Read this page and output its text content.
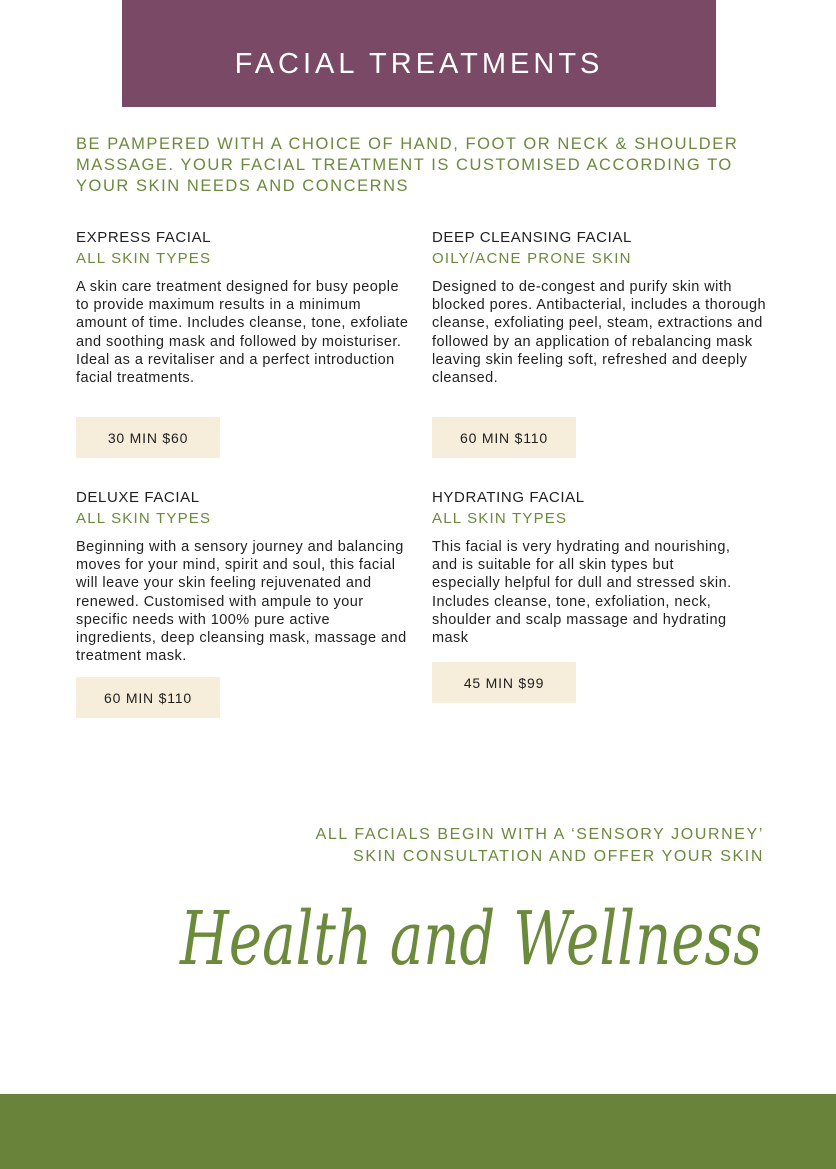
FACIAL TREATMENTS

BE PAMPERED WITH A CHOICE OF HAND, FOOT OR NECK & SHOULDER MASSAGE. YOUR FACIAL TREATMENT IS CUSTOMISED ACCORDING TO YOUR SKIN NEEDS AND CONCERNS

EXPRESS FACIAL
ALL SKIN TYPES
A skin care treatment designed for busy people to provide maximum results in a minimum amount of time. Includes cleanse, tone, exfoliate and soothing mask and followed by moisturiser. Ideal as a revitaliser and a perfect introduction facial treatments.
30 MIN $60
DEEP CLEANSING FACIAL
OILY/ACNE PRONE SKIN
Designed to de-congest and purify skin with blocked pores. Antibacterial, includes a thorough cleanse, exfoliating peel, steam, extractions and followed by an application of rebalancing mask leaving skin feeling soft, refreshed and deeply cleansed.
60 MIN $110
DELUXE FACIAL
ALL SKIN TYPES
Beginning with a sensory journey and balancing moves for your mind, spirit and soul, this facial will leave your skin feeling rejuvenated and renewed. Customised with ampule to your specific needs with 100% pure active ingredients, deep cleansing mask, massage and treatment mask.
60 MIN $110
HYDRATING FACIAL
ALL SKIN TYPES
This facial is very hydrating and nourishing, and is suitable for all skin types but especially helpful for dull and stressed skin. Includes cleanse, tone, exfoliation, neck, shoulder and scalp massage and hydrating mask
45 MIN $99
ALL FACIALS BEGIN WITH A ‘SENSORY JOURNEY’
SKIN CONSULTATION AND OFFER YOUR SKIN
Health and Wellness
